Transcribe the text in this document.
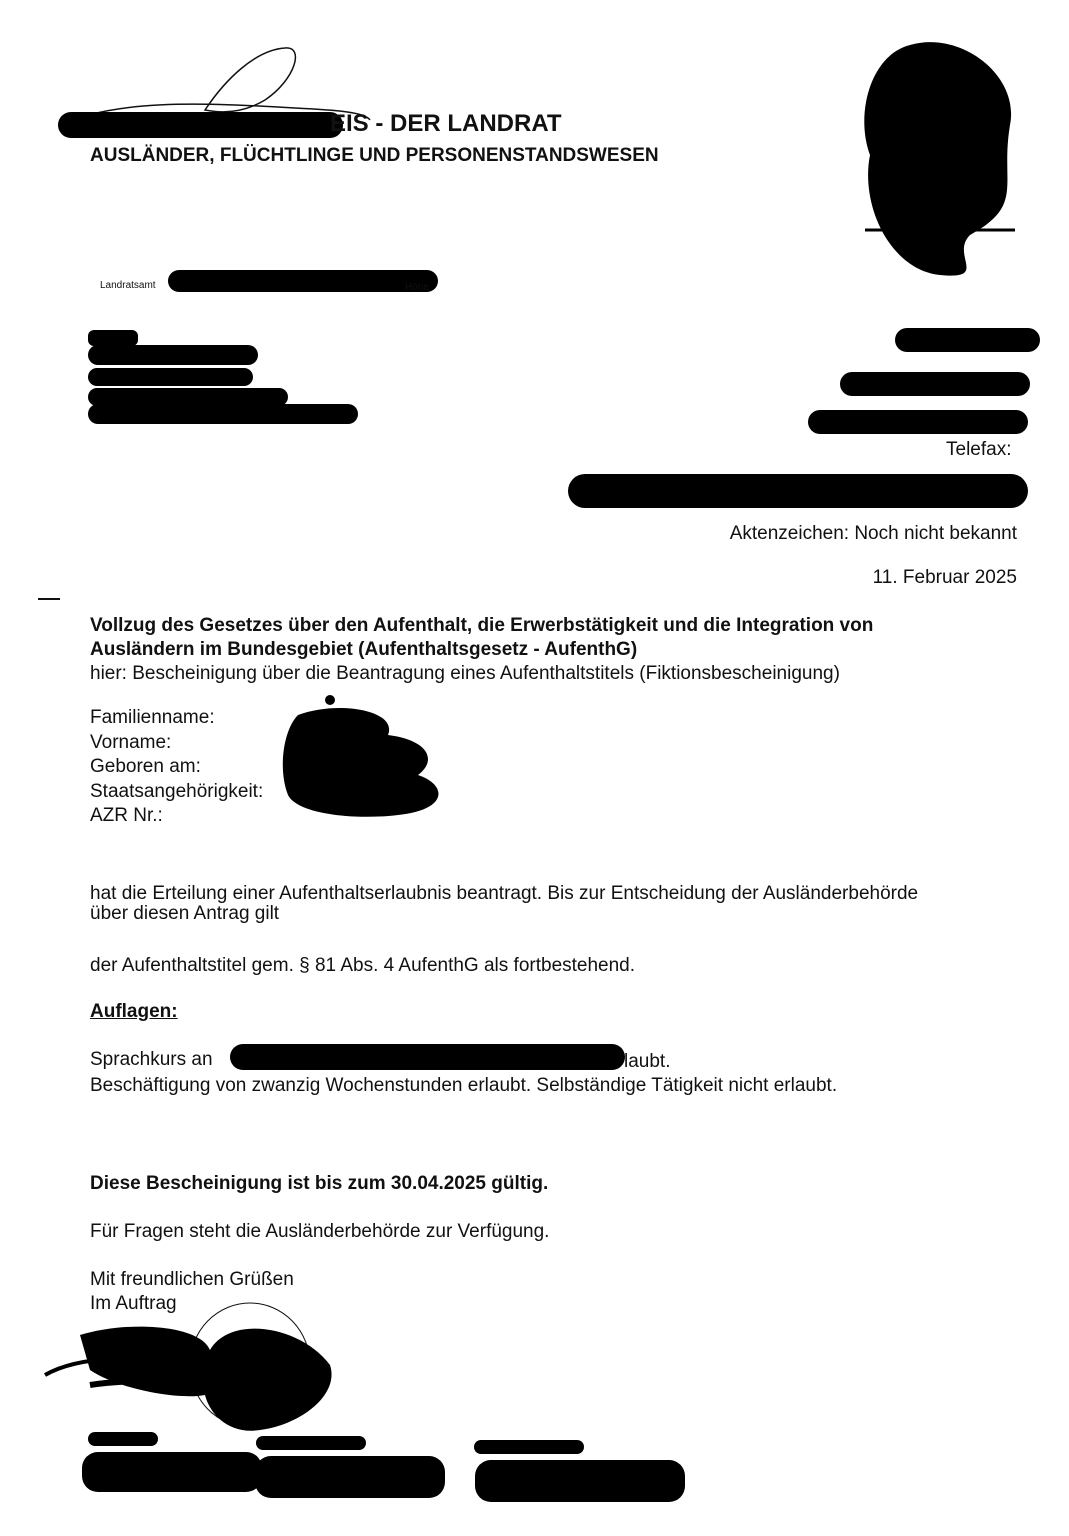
EIS - DER LANDRAT
AUSLÄNDER, FLÜCHTLINGE UND PERSONENSTANDSWESEN
Landratsamt	Höhe
Telefax:
Aktenzeichen: Noch nicht bekannt
11. Februar 2025
Vollzug des Gesetzes über den Aufenthalt, die Erwerbstätigkeit und die Integration von
Ausländern im Bundesgebiet (Aufenthaltsgesetz - AufenthG)
hier: Bescheinigung über die Beantragung eines Aufenthaltstitels (Fiktionsbescheinigung)
Familienname:
Vorname:
Geboren am:
Staatsangehörigkeit:
AZR Nr.:
hat die Erteilung einer Aufenthaltserlaubnis beantragt. Bis zur Entscheidung der Ausländerbehörde
über diesen Antrag gilt
der Aufenthaltstitel gem. § 81 Abs. 4 AufenthG als fortbestehend.
Auflagen:
Sprachkurs an	laubt.
Beschäftigung von zwanzig Wochenstunden erlaubt. Selbständige Tätigkeit nicht erlaubt.
Diese Bescheinigung ist bis zum 30.04.2025 gültig.
Für Fragen steht die Ausländerbehörde zur Verfügung.
Mit freundlichen Grüßen
Im Auftrag
